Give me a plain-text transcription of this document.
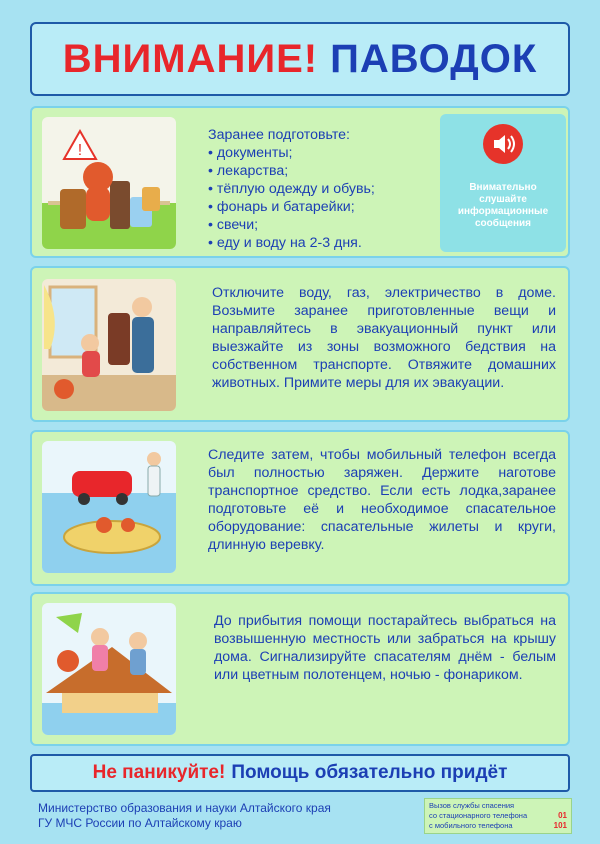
ВНИМАНИЕ! ПАВОДОК
!
Заранее подготовьте:
• документы;
• лекарства;
• тёплую одежду и обувь;
• фонарь и батарейки;
• свечи;
• еду и воду на 2-3 дня.
Внимательно слушайте информационные сообщения
Отключите воду, газ, электричество в доме. Возьмите заранее приготовленные вещи и направляйтесь в эвакуационный пункт или выезжайте из зоны возможного бедствия на собственном транспорте. Отвяжите домашних животных. Примите меры для их эвакуации.
Следите затем, чтобы мобильный телефон всегда был полностью заряжен. Держите наготове транспортное средство. Если есть лодка,заранее подготовьте её и необходимое спасательное оборудование: спасательные жилеты и круги, длинную веревку.
До прибытия помощи постарайтесь выбраться на возвышенную местность или забраться на крышу дома. Сигнализируйте спасателям днём - белым или цветным полотенцем, ночью - фонариком.
Не паникуйте! Помощь обязательно придёт
Министерство образования и науки Алтайского края
ГУ МЧС России по Алтайскому краю
Вызов службы спасения
со стационарного телефона	01
с мобильного телефона	101
